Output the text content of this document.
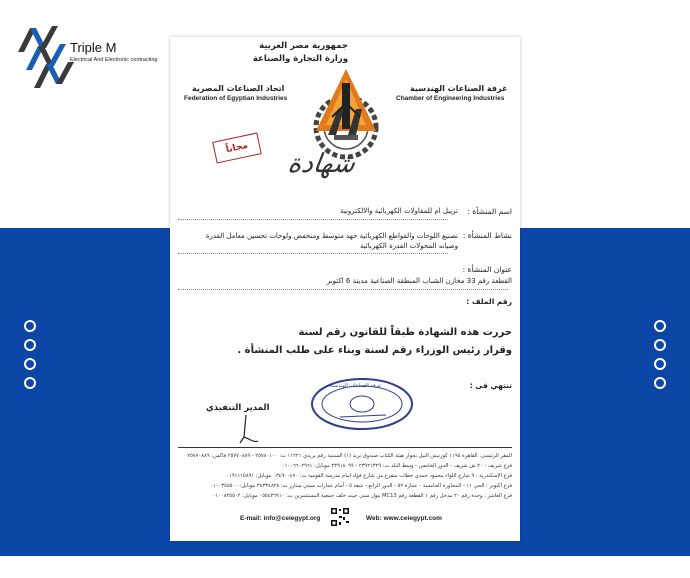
Triple M
Electrical And Electronic contracting
جمهورية مصر العربية
وزارة التجارة والصناعة
اتحاد الصناعات المصرية
Federation of Egyptian Industries
غرفة الصناعات الهندسية
Chamber of Engineering Industries
مجاناً
شهادة
اسم المنشأة :
تريبل ام للمقاولات الكهربائية والالكترونية
نشاط المنشأة :
تصنيع اللوحات والقواطع الكهربائية جهد متوسط ومنخفض ولوحات تحسين معامل القدرة
وصيانه المحولات القدرة الكهربائية
عنوان المنشأة :
القطعة رقم 33 مخازن الشباب المنطقة الصناعية مدينة 6 اكتوبر
رقم الملف :
حررت هذه الشهادة طبقاً للقانون رقم لسنة
وقرار رئيس الوزراء رقم لسنة وبناء على طلب المنشأة .
تنتهي فى :
غرفة الصناعات الهندسية
المدير التنفيذي
المقر الرئيسي: القاهرة ١١٩٥ كورنيش النيل بجوار هيئة الكتاب صندوق بريد (١) السبتية رقم بريدي ١١٢٢١ ت: ٢٥٧٨٠١٠٠ - ٢٥٧٧٠٨٨٩ فاكس: ٢٥٧٧٠٨٨٩
فرع شريف : ٢٠ ش شريف - الدور الخامس - وسط البلد ت: ٢٣٩٢١٣٢٩ - ٢٣٩١٨٠٩٩ موبايل: ٠١٠٠٦٦٠٢٩٦١
فرع الإسكندرية : ٩ شارع اللواء محمود حمدي خطاب متفرع من شارع فؤاد امام مدرسة القومية ت: ٠٣٤٩٠٠٤٧٠ موبايل: ٠١٩١١١٥٨٩١
فرع اكتوبر : الحي ١١ - المجاورة الخامسة - عمارة ٥٢ - الدور الرابع - شقة ٥ - أمام عمارات سيتي ستارز ت: ٣٨٣٣٤٨٢٨ موبايل: ٠١٠٠٣٥٥٥٠٠
فرع العاشر : وحدة رقم ٢٠ مدخل رقم ١ القطعة رقم MC13 مول ستي جيت خلف جمعية المستثمرين ت: ٠٥٥٤٣٦٩١٠ موبايل: ٠١٠٠٨٢٥٥٠٢
E-mail: info@ceiegypt.org	Web: www.ceiegypt.com
